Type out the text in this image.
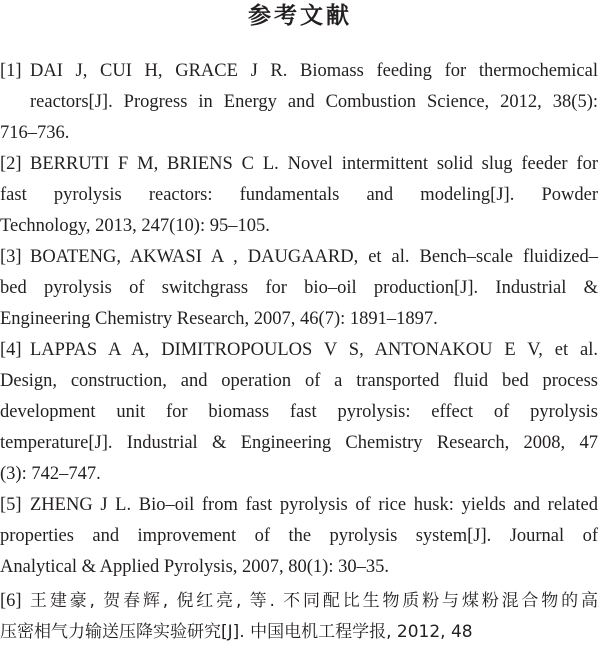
参考文献
[1] DAI J, CUI H, GRACE J R. Biomass feeding for thermochemical
reactors[J]. Progress in Energy and Combustion Science, 2012, 38(5):
716–736.
[2] BERRUTI F M, BRIENS C L. Novel intermittent solid slug feeder for
fast pyrolysis reactors: fundamentals and modeling[J]. Powder
Technology, 2013, 247(10): 95–105.
[3] BOATENG, AKWASI A , DAUGAARD, et al. Bench–scale fluidized–
bed pyrolysis of switchgrass for bio–oil production[J]. Industrial &
Engineering Chemistry Research, 2007, 46(7): 1891–1897.
[4] LAPPAS A A, DIMITROPOULOS V S, ANTONAKOU E V, et al.
Design, construction, and operation of a transported fluid bed process
development unit for biomass fast pyrolysis: effect of pyrolysis
temperature[J]. Industrial & Engineering Chemistry Research, 2008, 47
(3): 742–747.
[5] ZHENG J L. Bio–oil from fast pyrolysis of rice husk: yields and related
properties and improvement of the pyrolysis system[J]. Journal of
Analytical & Applied Pyrolysis, 2007, 80(1): 30–35.
[6] 王建豪, 贺春辉, 倪红亮, 等. 不同配比生物质粉与煤粉混合物的高
压密相气力输送压降实验研究[J]. 中国电机工程学报, 2012, 48
